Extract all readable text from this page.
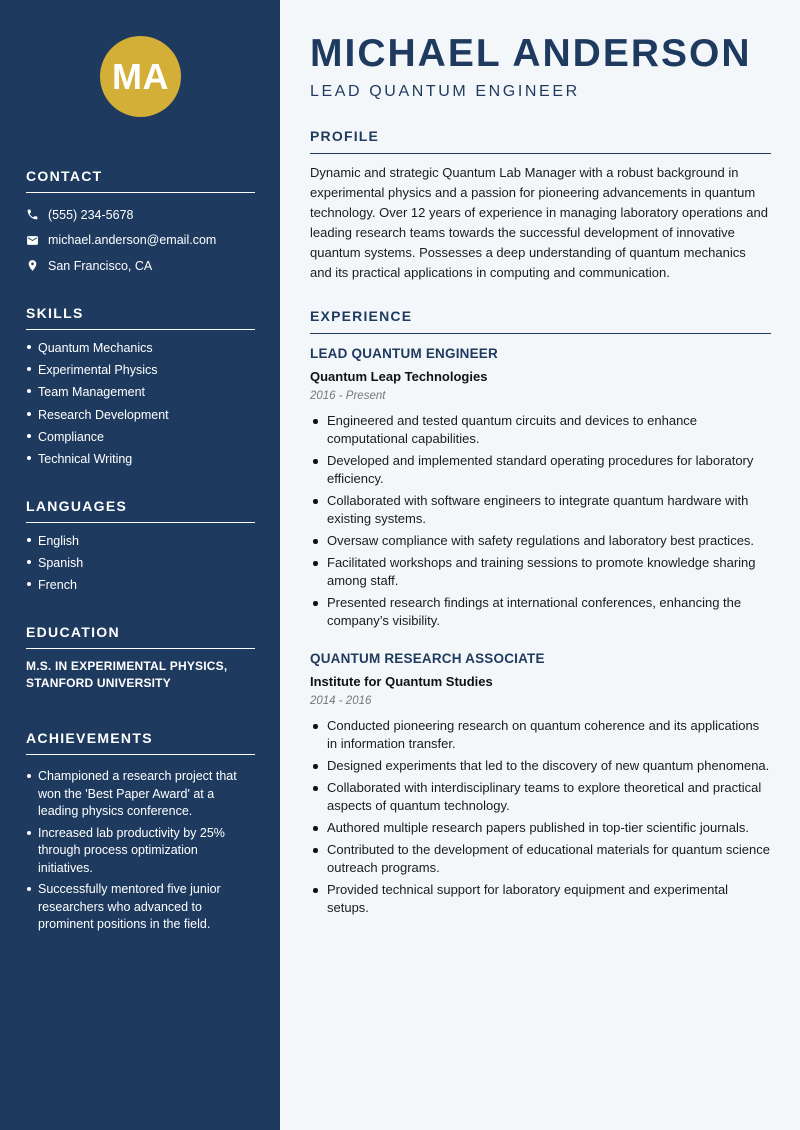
MA
CONTACT
(555) 234-5678
michael.anderson@email.com
San Francisco, CA
SKILLS
Quantum Mechanics
Experimental Physics
Team Management
Research Development
Compliance
Technical Writing
LANGUAGES
English
Spanish
French
EDUCATION
M.S. IN EXPERIMENTAL PHYSICS,
STANFORD UNIVERSITY
ACHIEVEMENTS
Championed a research project that won the 'Best Paper Award' at a leading physics conference.
Increased lab productivity by 25% through process optimization initiatives.
Successfully mentored five junior researchers who advanced to prominent positions in the field.
MICHAEL ANDERSON
LEAD QUANTUM ENGINEER
PROFILE

Dynamic and strategic Quantum Lab Manager with a robust background in experimental physics and a passion for pioneering advancements in quantum technology. Over 12 years of experience in managing laboratory operations and leading research teams towards the successful development of innovative quantum systems. Possesses a deep understanding of quantum mechanics and its practical applications in computing and communication.

EXPERIENCE
LEAD QUANTUM ENGINEER
Quantum Leap Technologies
2016 - Present
Engineered and tested quantum circuits and devices to enhance computational capabilities.
Developed and implemented standard operating procedures for laboratory efficiency.
Collaborated with software engineers to integrate quantum hardware with existing systems.
Oversaw compliance with safety regulations and laboratory best practices.
Facilitated workshops and training sessions to promote knowledge sharing among staff.
Presented research findings at international conferences, enhancing the company’s visibility.
QUANTUM RESEARCH ASSOCIATE
Institute for Quantum Studies
2014 - 2016
Conducted pioneering research on quantum coherence and its applications in information transfer.
Designed experiments that led to the discovery of new quantum phenomena.
Collaborated with interdisciplinary teams to explore theoretical and practical aspects of quantum technology.
Authored multiple research papers published in top-tier scientific journals.
Contributed to the development of educational materials for quantum science outreach programs.
Provided technical support for laboratory equipment and experimental setups.
